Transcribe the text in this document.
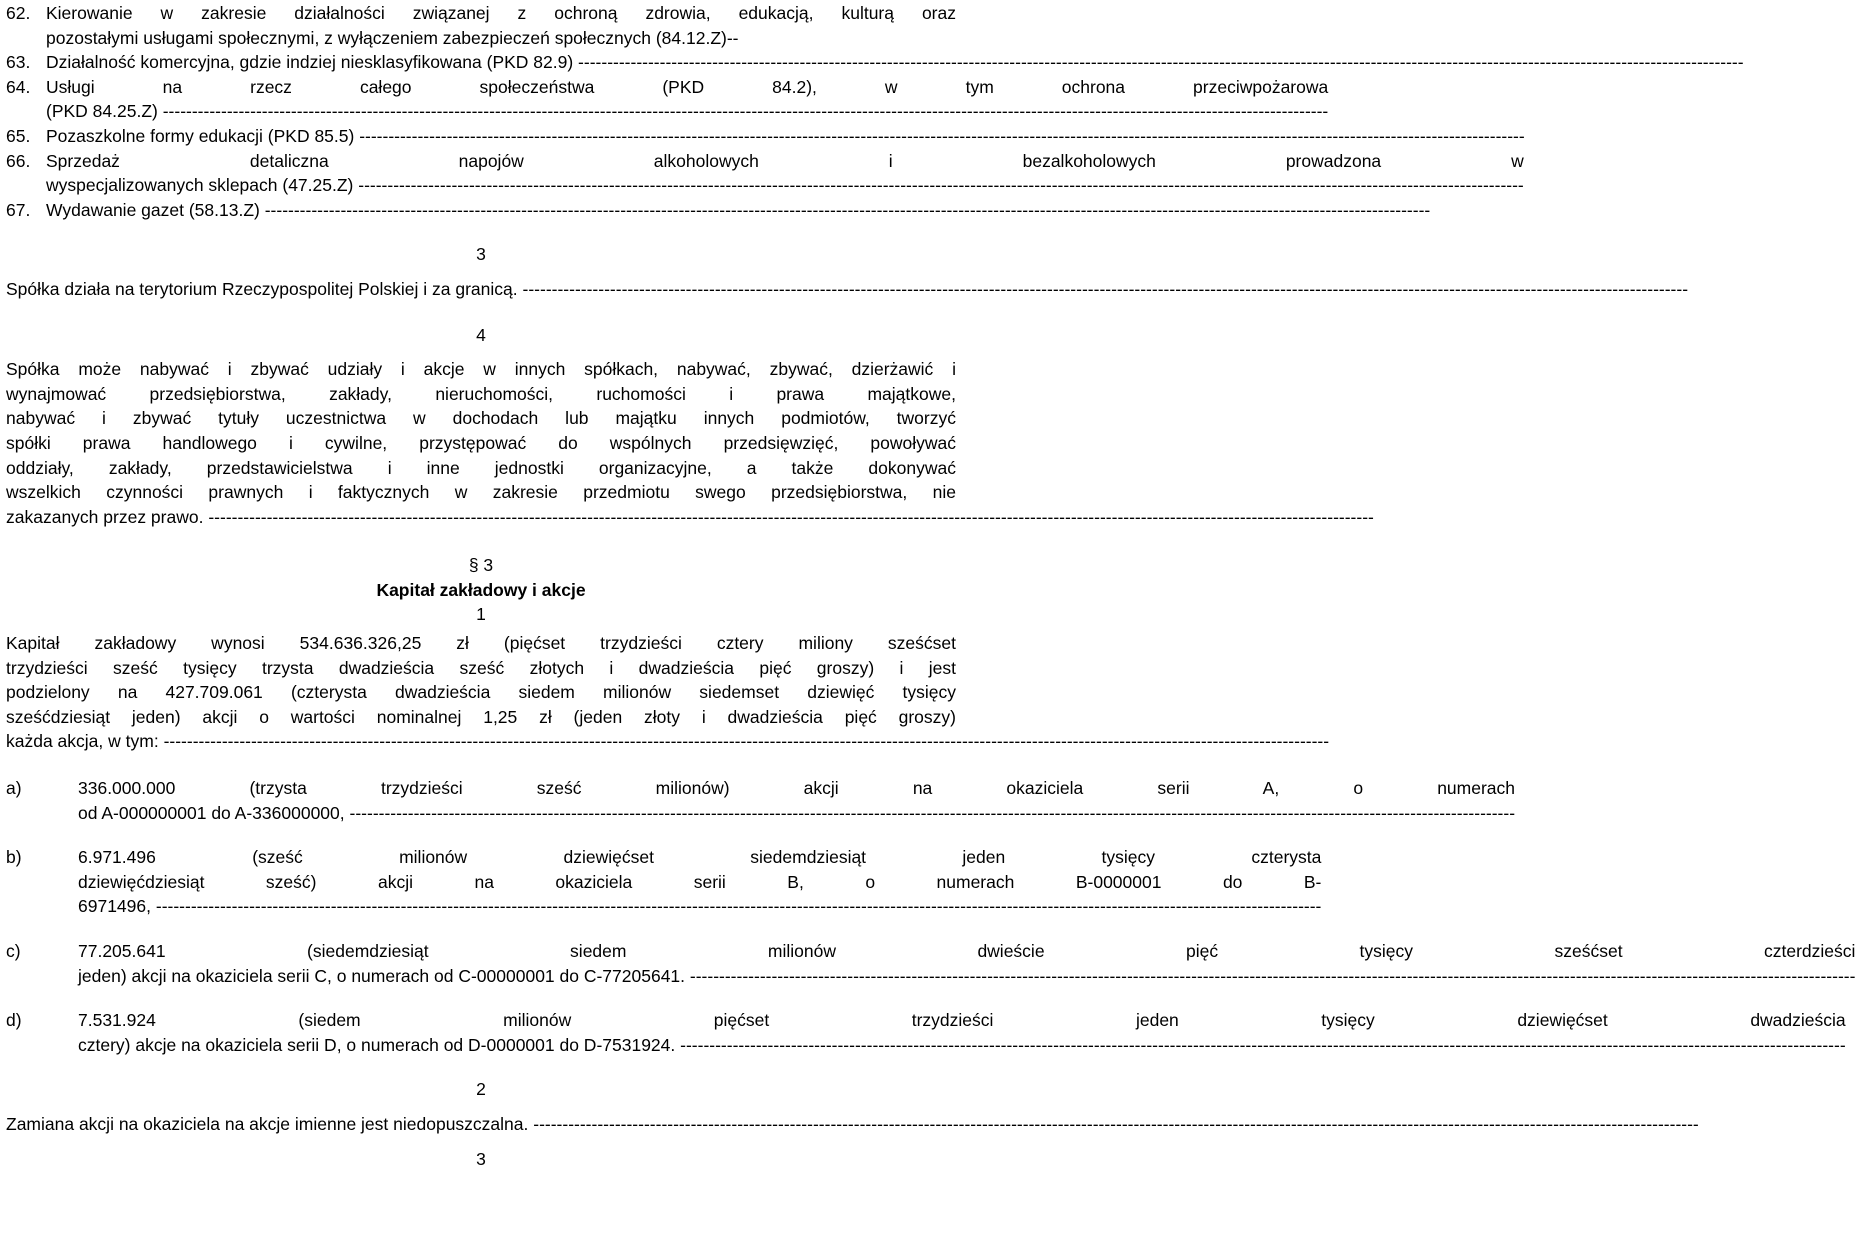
62. Kierowanie w zakresie działalności związanej z ochroną zdrowia, edukacją, kulturą oraz
pozostałymi usługami społecznymi, z wyłączeniem zabezpieczeń społecznych (84.12.Z)--
63. Działalność komercyjna, gdzie indziej niesklasyfikowana (PKD 82.9) -----
64. Usługi na rzecz całego społeczeństwa (PKD 84.2), w tym ochrona przeciwpożarowa
(PKD 84.25.Z) -----
65. Pozaszkolne formy edukacji (PKD 85.5) -----
66. Sprzedaż detaliczna napojów alkoholowych i bezalkoholowych prowadzona w
wyspecjalizowanych sklepach (47.25.Z) -----
67. Wydawanie gazet (58.13.Z) -----
3
Spółka działa na terytorium Rzeczypospolitej Polskiej i za granicą. -----
4
Spółka może nabywać i zbywać udziały i akcje w innych spółkach, nabywać, zbywać, dzierżawić i
wynajmować przedsiębiorstwa, zakłady, nieruchomości, ruchomości i prawa majątkowe,
nabywać i zbywać tytuły uczestnictwa w dochodach lub majątku innych podmiotów, tworzyć
spółki prawa handlowego i cywilne, przystępować do wspólnych przedsięwzięć, powoływać
oddziały, zakłady, przedstawicielstwa i inne jednostki organizacyjne, a także dokonywać
wszelkich czynności prawnych i faktycznych w zakresie przedmiotu swego przedsiębiorstwa, nie
zakazanych przez prawo. -----
§ 3
Kapitał zakładowy i akcje
1
Kapitał zakładowy wynosi 534.636.326,25 zł (pięćset trzydzieści cztery miliony sześćset
trzydzieści sześć tysięcy trzysta dwadzieścia sześć złotych i dwadzieścia pięć groszy) i jest
podzielony na 427.709.061 (czterysta dwadzieścia siedem milionów siedemset dziewięć tysięcy
sześćdziesiąt jeden) akcji o wartości nominalnej 1,25 zł (jeden złoty i dwadzieścia pięć groszy)
każda akcja, w tym: -----
a)	336.000.000 (trzysta trzydzieści sześć milionów) akcji na okaziciela serii A, o numerach
od A-000000001 do A-336000000, -----
b)	6.971.496 (sześć milionów dziewięćset siedemdziesiąt jeden tysięcy czterysta
dziewięćdziesiąt sześć) akcji na okaziciela serii B, o numerach B-0000001 do B-
6971496, -----
c)	77.205.641 (siedemdziesiąt siedem milionów dwieście pięć tysięcy sześćset czterdzieści
jeden) akcji na okaziciela serii C, o numerach od C-00000001 do C-77205641. -----
d)	7.531.924 (siedem milionów pięćset trzydzieści jeden tysięcy dziewięćset dwadzieścia
cztery) akcje na okaziciela serii D, o numerach od D-0000001 do D-7531924. -----
2
Zamiana akcji na okaziciela na akcje imienne jest niedopuszczalna. -----
3
